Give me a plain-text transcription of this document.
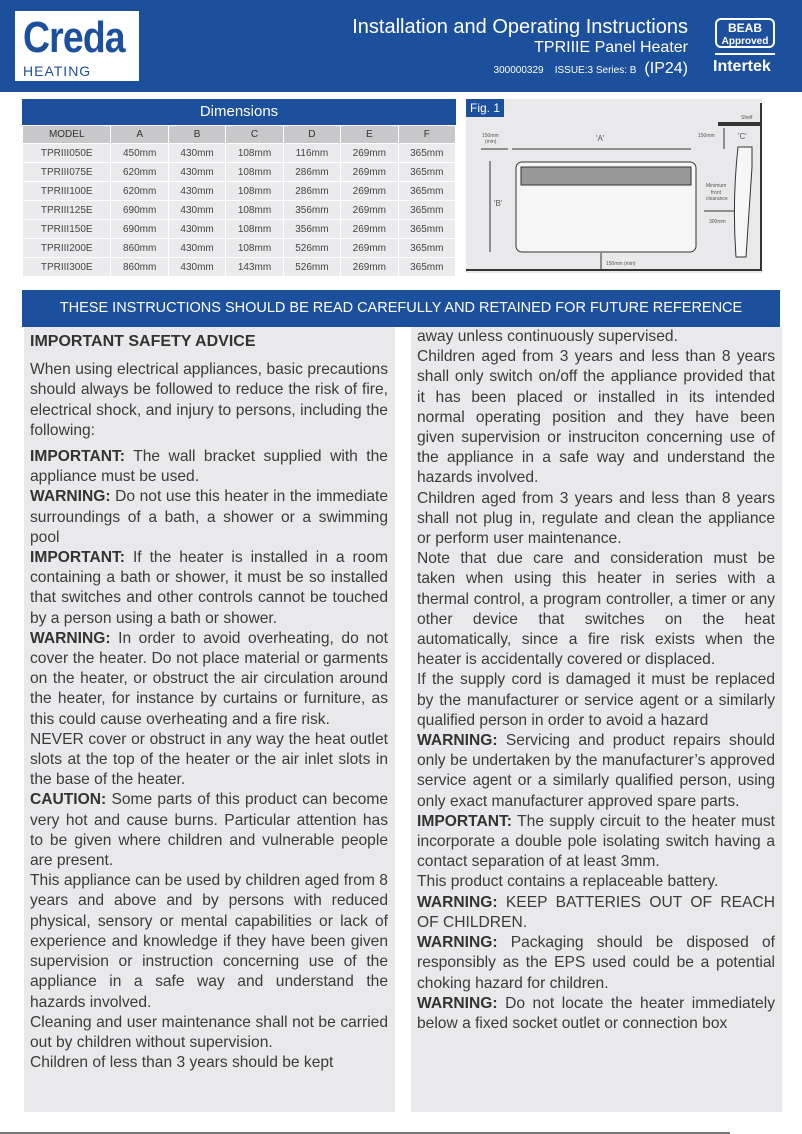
Creda
HEATING
Installation and Operating Instructions
TPRIIIE Panel Heater
300000329 ISSUE:3 Series: B (IP24)
BEAB
Approved
Intertek
Dimensions
MODEL	A	B	C	D	E	F
TPRIII050E	450mm	430mm	108mm	116mm	269mm	365mm
TPRIII075E	620mm	430mm	108mm	286mm	269mm	365mm
TPRIII100E	620mm	430mm	108mm	286mm	269mm	365mm
TPRIII125E	690mm	430mm	108mm	356mm	269mm	365mm
TPRIII150E	690mm	430mm	108mm	356mm	269mm	365mm
TPRIII200E	860mm	430mm	108mm	526mm	269mm	365mm
TPRIII300E	860mm	430mm	143mm	526mm	269mm	365mm
Shelf
'A'
150mm
(min)
'B'
150mm (min)
150mm	'C'
Minimum
front
clearance
300mm
Fig. 1
THESE INSTRUCTIONS SHOULD BE READ CAREFULLY AND RETAINED FOR FUTURE REFERENCE
IMPORTANT SAFETY ADVICE

When using electrical appliances, basic precautions should always be followed to reduce the risk of fire, electrical shock, and injury to persons, including the following:

IMPORTANT: The wall bracket supplied with the appliance must be used.

WARNING: Do not use this heater in the immediate surroundings of a bath, a shower or a swimming pool

IMPORTANT: If the heater is installed in a room containing a bath or shower, it must be so installed that switches and other controls cannot be touched by a person using a bath or shower.

WARNING: In order to avoid overheating, do not cover the heater. Do not place material or garments on the heater, or obstruct the air circulation around the heater, for instance by curtains or furniture, as this could cause overheating and a fire risk.

NEVER cover or obstruct in any way the heat outlet slots at the top of the heater or the air inlet slots in the base of the heater.

CAUTION: Some parts of this product can become very hot and cause burns. Particular attention has to be given where children and vulnerable people are present.

This appliance can be used by children aged from 8 years and above and by persons with reduced physical, sensory or mental capabilities or lack of experience and knowledge if they have been given supervision or instruction concerning use of the appliance in a safe way and understand the hazards involved.

Cleaning and user maintenance shall not be carried out by children without supervision.

Children of less than 3 years should be kept

away unless continuously supervised.

Children aged from 3 years and less than 8 years shall only switch on/off the appliance provided that it has been placed or installed in its intended normal operating position and they have been given supervision or instruciton concerning use of the appliance in a safe way and understand the hazards involved.

Children aged from 3 years and less than 8 years shall not plug in, regulate and clean the appliance or perform user maintenance.

Note that due care and consideration must be taken when using this heater in series with a thermal control, a program controller, a timer or any other device that switches on the heat automatically, since a fire risk exists when the heater is accidentally covered or displaced.

If the supply cord is damaged it must be replaced by the manufacturer or service agent or a similarly qualified person in order to avoid a hazard

WARNING: Servicing and product repairs should only be undertaken by the manufacturer’s approved service agent or a similarly qualified person, using only exact manufacturer approved spare parts.

IMPORTANT: The supply circuit to the heater must incorporate a double pole isolating switch having a contact separation of at least 3mm.

This product contains a replaceable battery.

WARNING: KEEP BATTERIES OUT OF REACH OF CHILDREN.

WARNING: Packaging should be disposed of responsibly as the EPS used could be a potential choking hazard for children.

WARNING: Do not locate the heater immediately below a fixed socket outlet or connection box
